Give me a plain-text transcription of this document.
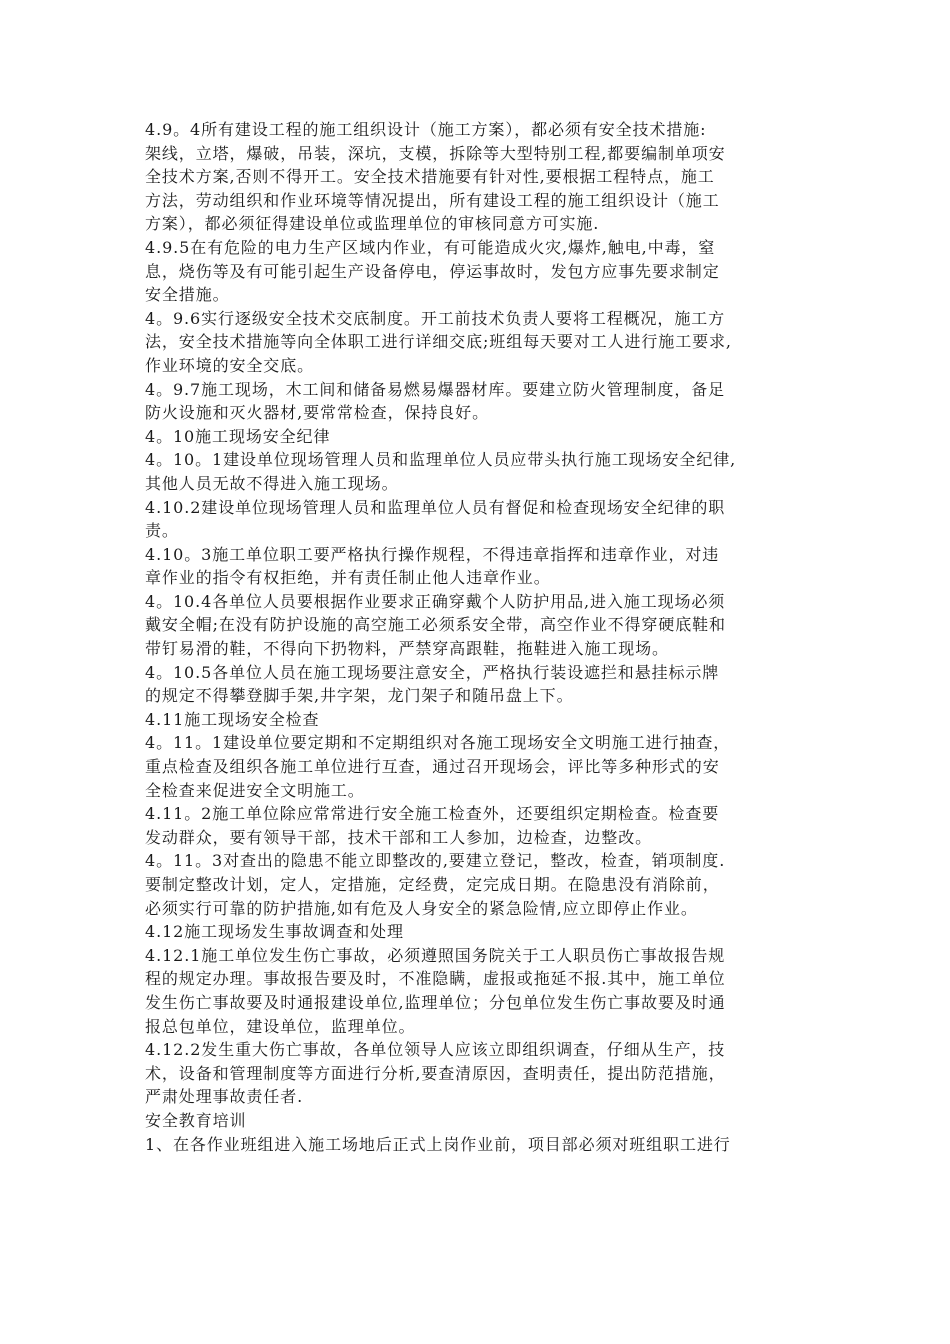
4.9。4所有建设工程的施工组织设计（施工方案），都必须有安全技术措施:
架线，立塔，爆破，吊装，深坑，支模，拆除等大型特别工程,都要编制单项安
全技术方案,否则不得开工。安全技术措施要有针对性,要根据工程特点，施工
方法，劳动组织和作业环境等情况提出，所有建设工程的施工组织设计（施工
方案），都必须征得建设单位或监理单位的审核同意方可实施.
4.9.5在有危险的电力生产区域内作业，有可能造成火灾,爆炸,触电,中毒，窒
息，烧伤等及有可能引起生产设备停电，停运事故时，发包方应事先要求制定
安全措施。
4。9.6实行逐级安全技术交底制度。开工前技术负责人要将工程概况，施工方
法，安全技术措施等向全体职工进行详细交底;班组每天要对工人进行施工要求,
作业环境的安全交底。
4。9.7施工现场，木工间和储备易燃易爆器材库。要建立防火管理制度，备足
防火设施和灭火器材,要常常检查，保持良好。
4。10施工现场安全纪律
4。10。1建设单位现场管理人员和监理单位人员应带头执行施工现场安全纪律,
其他人员无故不得进入施工现场。
4.10.2建设单位现场管理人员和监理单位人员有督促和检查现场安全纪律的职
责。
4.10。3施工单位职工要严格执行操作规程，不得违章指挥和违章作业，对违
章作业的指令有权拒绝，并有责任制止他人违章作业。
4。10.4各单位人员要根据作业要求正确穿戴个人防护用品,进入施工现场必须
戴安全帽;在没有防护设施的高空施工必须系安全带，高空作业不得穿硬底鞋和
带钉易滑的鞋，不得向下扔物料，严禁穿高跟鞋，拖鞋进入施工现场。
4。10.5各单位人员在施工现场要注意安全，严格执行装设遮拦和悬挂标示牌
的规定不得攀登脚手架,井字架，龙门架子和随吊盘上下。
4.11施工现场安全检查
4。11。1建设单位要定期和不定期组织对各施工现场安全文明施工进行抽查，
重点检查及组织各施工单位进行互查，通过召开现场会，评比等多种形式的安
全检查来促进安全文明施工。
4.11。2施工单位除应常常进行安全施工检查外，还要组织定期检查。检查要
发动群众，要有领导干部，技术干部和工人参加，边检查，边整改。
4。11。3对查出的隐患不能立即整改的,要建立登记，整改，检查，销项制度.
要制定整改计划，定人，定措施，定经费，定完成日期。在隐患没有消除前，
必须实行可靠的防护措施,如有危及人身安全的紧急险情,应立即停止作业。
4.12施工现场发生事故调查和处理
4.12.1施工单位发生伤亡事故，必须遵照国务院关于工人职员伤亡事故报告规
程的规定办理。事故报告要及时，不准隐瞒，虚报或拖延不报.其中，施工单位
发生伤亡事故要及时通报建设单位,监理单位；分包单位发生伤亡事故要及时通
报总包单位，建设单位，监理单位。
4.12.2发生重大伤亡事故，各单位领导人应该立即组织调查，仔细从生产，技
术，设备和管理制度等方面进行分析,要查清原因，查明责任，提出防范措施，
严肃处理事故责任者.
安全教育培训
1、在各作业班组进入施工场地后正式上岗作业前，项目部必须对班组职工进行
